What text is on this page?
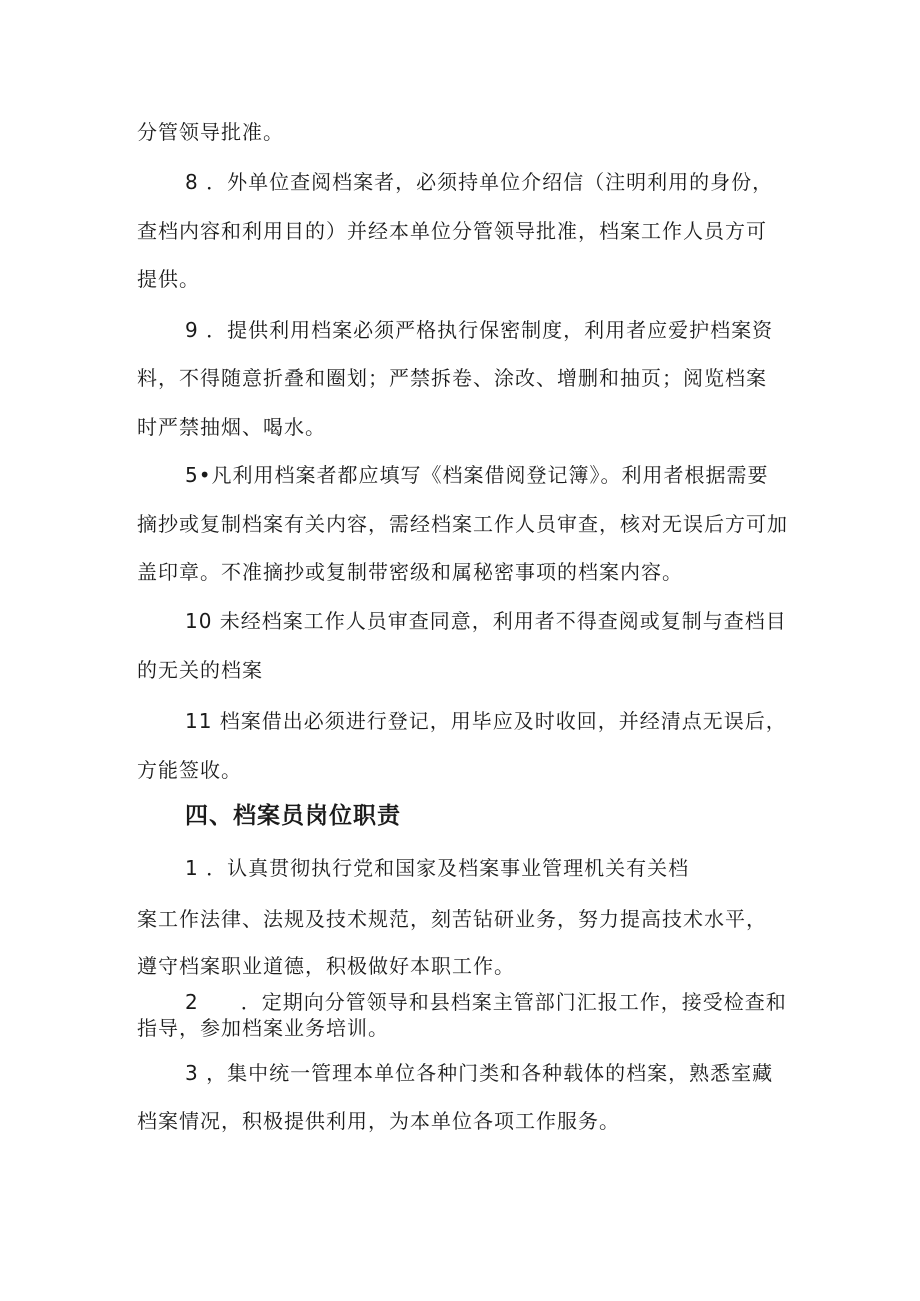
分管领导批准。

8 ．外单位查阅档案者，必须持单位介绍信（注明利用的身份，

查档内容和利用目的）并经本单位分管领导批准，档案工作人员方可

提供。

9 ．提供利用档案必须严格执行保密制度，利用者应爱护档案资

料，不得随意折叠和圈划；严禁拆卷、涂改、增删和抽页；阅览档案

时严禁抽烟、喝水。

5•凡利用档案者都应填写《档案借阅登记簿》。利用者根据需要

摘抄或复制档案有关内容，需经档案工作人员审查，核对无误后方可加

盖印章。不准摘抄或复制带密级和属秘密事项的档案内容。

10 未经档案工作人员审查同意，利用者不得查阅或复制与查档目

的无关的档案

11 档案借出必须进行登记，用毕应及时收回，并经清点无误后，

方能签收。

四、档案员岗位职责

1 ．认真贯彻执行党和国家及档案事业管理机关有关档

案工作法律、法规及技术规范，刻苦钻研业务，努力提高技术水平，

遵守档案职业道德，积极做好本职工作。

2　　．定期向分管领导和县档案主管部门汇报工作，接受检查和

指导，参加档案业务培训。

3 ，集中统一管理本单位各种门类和各种载体的档案，熟悉室藏

档案情况，积极提供利用，为本单位各项工作服务。
